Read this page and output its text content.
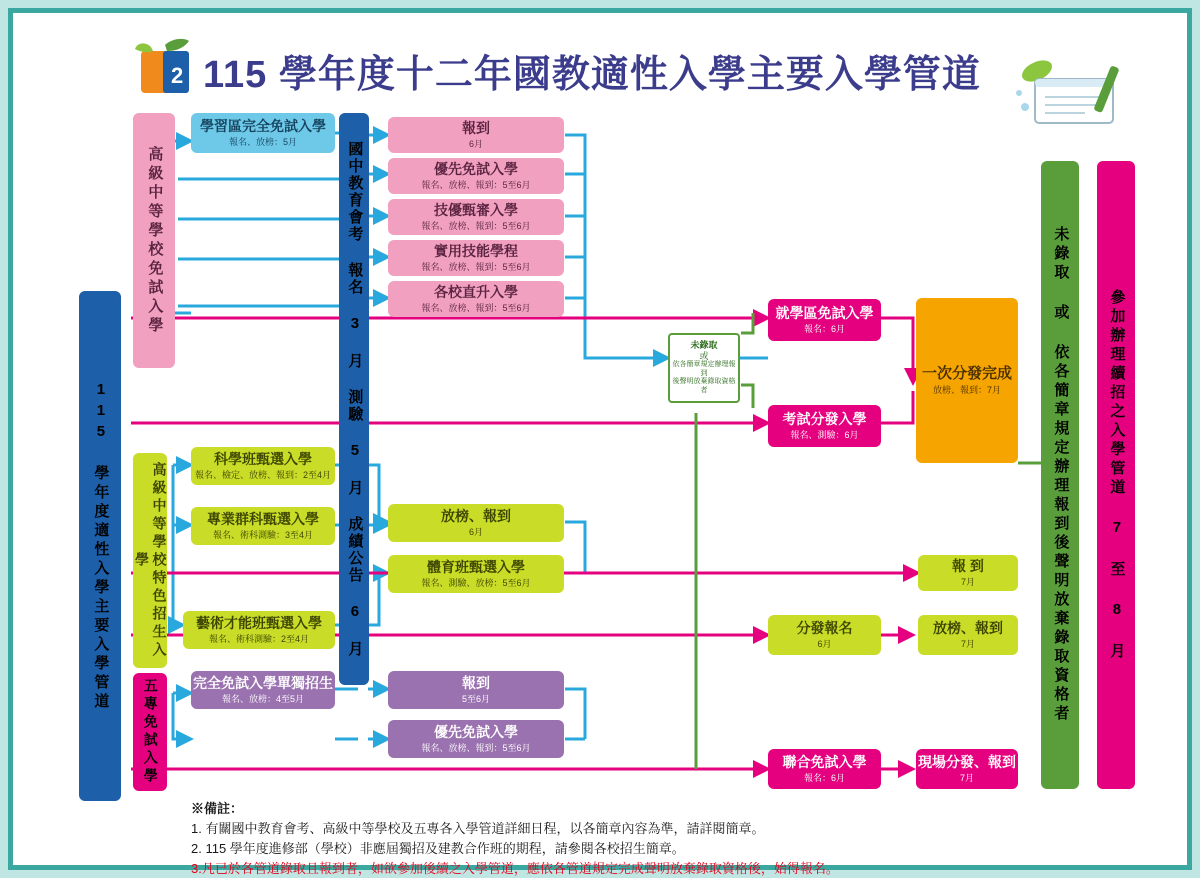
2 115 學年度十二年國教適性入學主要入學管道
115 學年度適性入學主要入學管道
高級中等學校免試入學
高級中等學校特色招生入學
五專免試入學
國中教育會考 報名 3 月 測驗 5 月 成績公告 6 月
學習區完全免試入學
報名、放榜：5月
報到
6月
優先免試入學
報名、放榜、報到：5至6月
技優甄審入學
報名、放榜、報到：5至6月
實用技能學程
報名、放榜、報到：5至6月
各校直升入學
報名、放榜、報到：5至6月
未錄取
或
依各簡章規定辦理報到
後聲明放棄錄取資格者
就學區免試入學
報名：6月
考試分發入學
報名、測驗：6月
一次分發完成
放榜、報到：7月
科學班甄選入學
報名、檢定、放榜、報到：2至4月
專業群科甄選入學
報名、術科測驗：3至4月
放榜、報到
6月
體育班甄選入學
報名、測驗、放榜：5至6月
報 到
7月
藝術才能班甄選入學
報名、術科測驗：2至4月
分發報名
6月
放榜、報到
7月
完全免試入學單獨招生
報名、放榜：4至5月
報到
5至6月
優先免試入學
報名、放榜、報到：5至6月
聯合免試入學
報名：6月
現場分發、報到
7月
未錄取 或 依各簡章規定辦理報到後聲明放棄錄取資格者	參加辦理續招之入學管道 7 至 8 月
※備註：
1. 有關國中教育會考、高級中等學校及五專各入學管道詳細日程，以各簡章內容為準，請詳閱簡章。
2. 115 學年度進修部（學校）非應屆獨招及建教合作班的期程，請參閱各校招生簡章。
3.凡已於各管道錄取且報到者，如欲參加後續之入學管道，應依各管道規定完成聲明放棄錄取資格後，始得報名。
